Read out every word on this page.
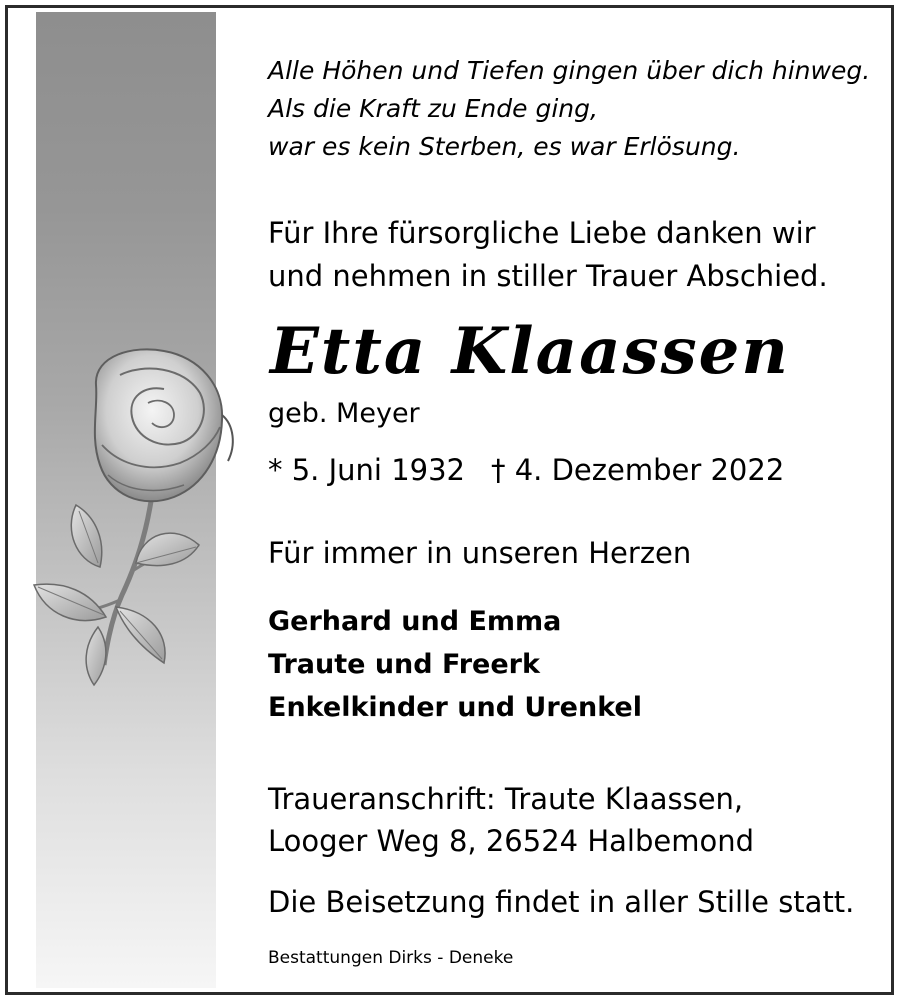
Alle Höhen und Tiefen gingen über dich hinweg.
Als die Kraft zu Ende ging,
war es kein Sterben, es war Erlösung.
Für Ihre fürsorgliche Liebe danken wir
und nehmen in stiller Trauer Abschied.
Etta Klaassen
geb. Meyer
* 5. Juni 1932 † 4. Dezember 2022
Für immer in unseren Herzen
Gerhard und Emma
Traute und Freerk
Enkelkinder und Urenkel
Traueranschrift: Traute Klaassen,
Looger Weg 8, 26524 Halbemond
Die Beisetzung findet in aller Stille statt.
Bestattungen Dirks - Deneke
